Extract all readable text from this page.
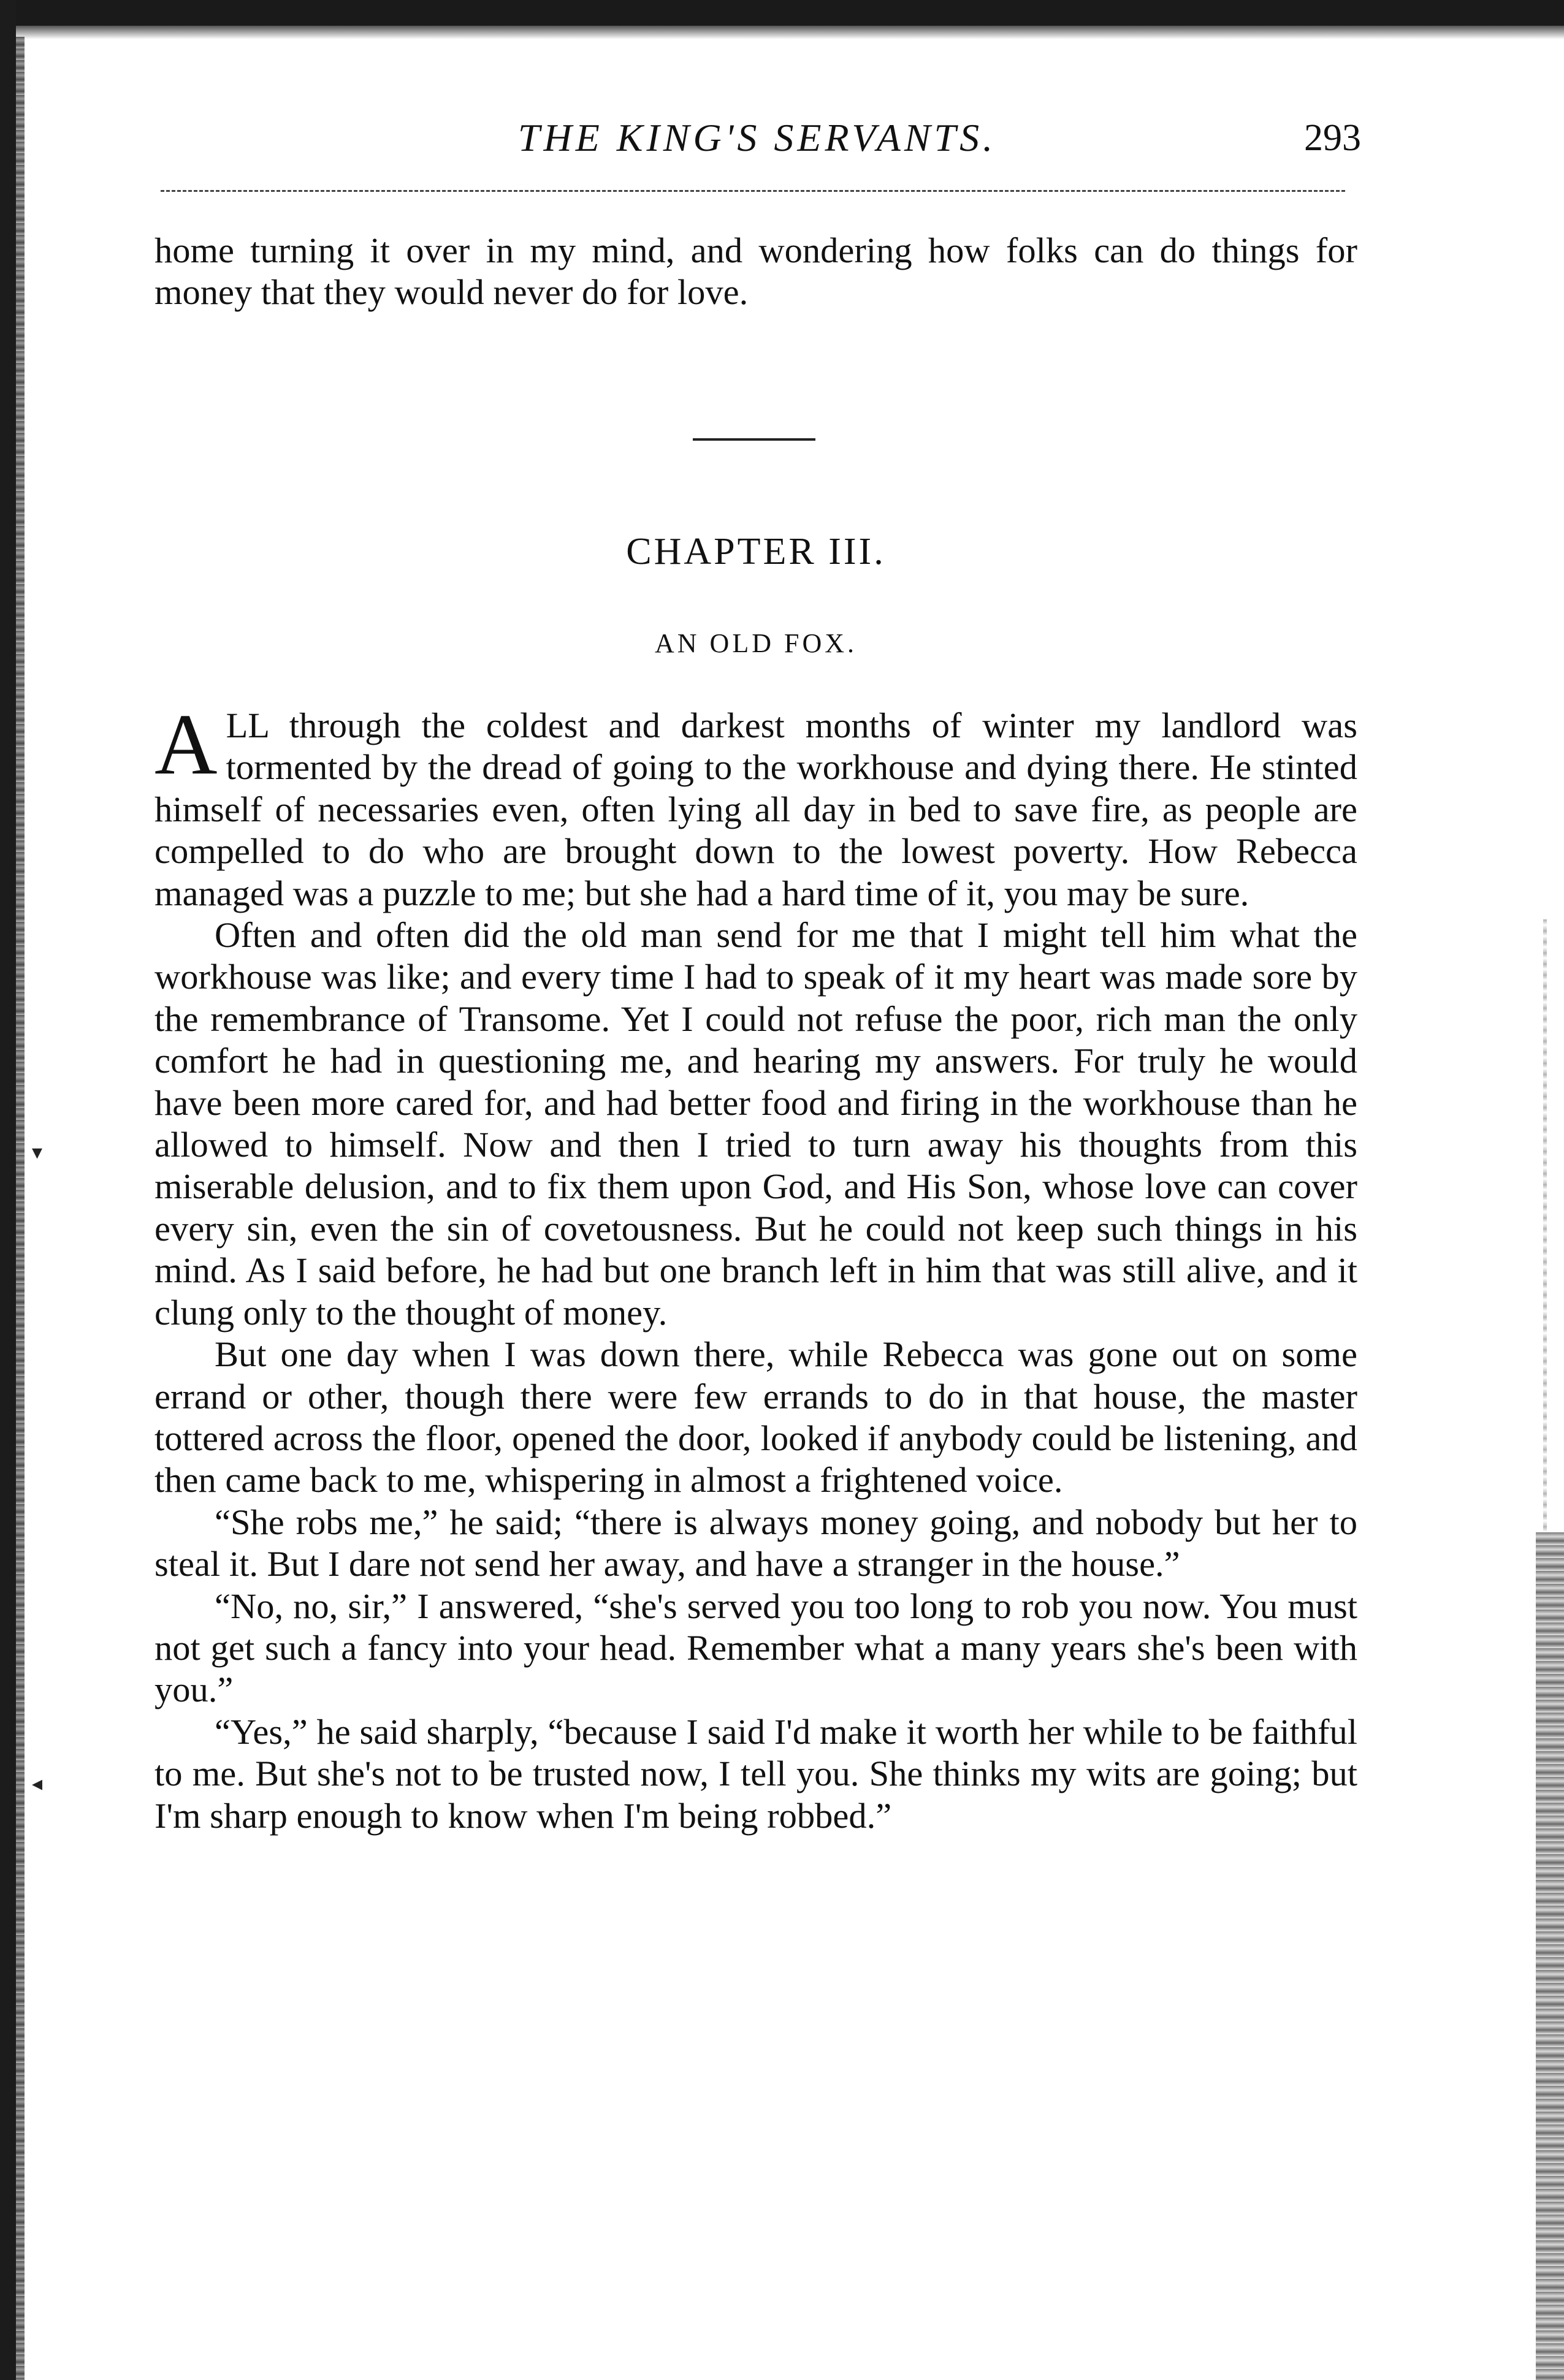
▾
◂
THE KING'S SERVANTS.	293

home turning it over in my mind, and wondering how folks can do things for money that they would never do for love.

CHAPTER III.
AN OLD FOX.

A LL through the coldest and darkest months of winter my landlord was tormented by the dread of going to the workhouse and dying there. He stinted himself of necessaries even, often lying all day in bed to save fire, as people are compelled to do who are brought down to the lowest poverty. How Rebecca managed was a puzzle to me; but she had a hard time of it, you may be sure.

Often and often did the old man send for me that I might tell him what the workhouse was like; and every time I had to speak of it my heart was made sore by the remembrance of Transome. Yet I could not refuse the poor, rich man the only comfort he had in questioning me, and hearing my answers. For truly he would have been more cared for, and had better food and firing in the workhouse than he allowed to himself. Now and then I tried to turn away his thoughts from this miserable delusion, and to fix them upon God, and His Son, whose love can cover every sin, even the sin of covetousness. But he could not keep such things in his mind. As I said before, he had but one branch left in him that was still alive, and it clung only to the thought of money.

But one day when I was down there, while Rebecca was gone out on some errand or other, though there were few errands to do in that house, the master tottered across the floor, opened the door, looked if anybody could be listening, and then came back to me, whispering in almost a frightened voice.

“She robs me,” he said; “there is always money going, and nobody but her to steal it. But I dare not send her away, and have a stranger in the house.”

“No, no, sir,” I answered, “she's served you too long to rob you now. You must not get such a fancy into your head. Remember what a many years she's been with you.”

“Yes,” he said sharply, “because I said I'd make it worth her while to be faithful to me. But she's not to be trusted now, I tell you. She thinks my wits are going; but I'm sharp enough to know when I'm being robbed.”
